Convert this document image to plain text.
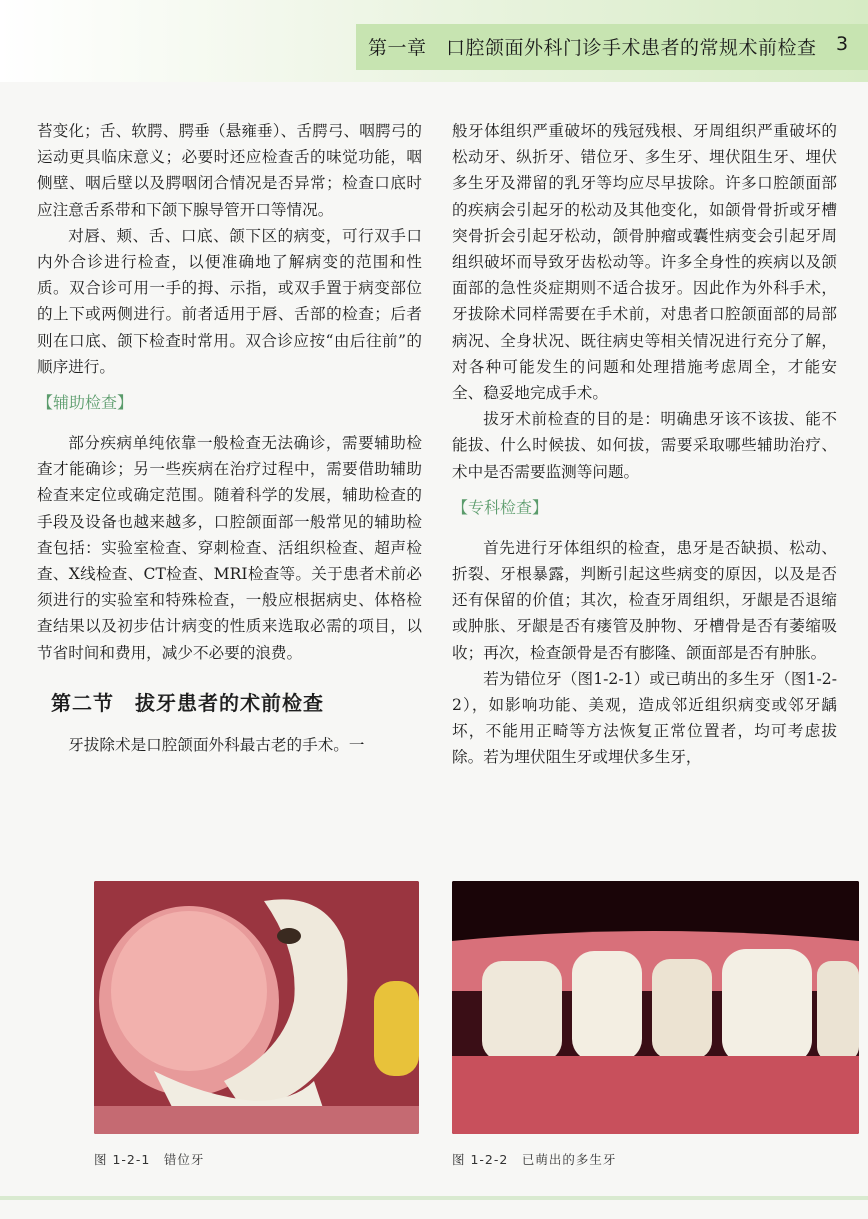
第一章　口腔颌面外科门诊手术患者的常规术前检查 3

苔变化；舌、软腭、腭垂（悬雍垂）、舌腭弓、咽腭弓的运动更具临床意义；必要时还应检查舌的味觉功能，咽侧壁、咽后壁以及腭咽闭合情况是否异常；检查口底时应注意舌系带和下颌下腺导管开口等情况。

对唇、颊、舌、口底、颌下区的病变，可行双手口内外合诊进行检查，以便准确地了解病变的范围和性质。双合诊可用一手的拇、示指，或双手置于病变部位的上下或两侧进行。前者适用于唇、舌部的检查；后者则在口底、颌下检查时常用。双合诊应按“由后往前”的顺序进行。

【辅助检查】

部分疾病单纯依靠一般检查无法确诊，需要辅助检查才能确诊；另一些疾病在治疗过程中，需要借助辅助检查来定位或确定范围。随着科学的发展，辅助检查的手段及设备也越来越多，口腔颌面部一般常见的辅助检查包括：实验室检查、穿刺检查、活组织检查、超声检查、X线检查、CT检查、MRI检查等。关于患者术前必须进行的实验室和特殊检查，一般应根据病史、体格检查结果以及初步估计病变的性质来选取必需的项目，以节省时间和费用，减少不必要的浪费。

第二节　拔牙患者的术前检查

牙拔除术是口腔颌面外科最古老的手术。一

般牙体组织严重破坏的残冠残根、牙周组织严重破坏的松动牙、纵折牙、错位牙、多生牙、埋伏阻生牙、埋伏多生牙及滞留的乳牙等均应尽早拔除。许多口腔颌面部的疾病会引起牙的松动及其他变化，如颌骨骨折或牙槽突骨折会引起牙松动，颌骨肿瘤或囊性病变会引起牙周组织破坏而导致牙齿松动等。许多全身性的疾病以及颌面部的急性炎症期则不适合拔牙。因此作为外科手术，牙拔除术同样需要在手术前，对患者口腔颌面部的局部病况、全身状况、既往病史等相关情况进行充分了解，对各种可能发生的问题和处理措施考虑周全，才能安全、稳妥地完成手术。

拔牙术前检查的目的是：明确患牙该不该拔、能不能拔、什么时候拔、如何拔，需要采取哪些辅助治疗、术中是否需要监测等问题。

【专科检查】

首先进行牙体组织的检查，患牙是否缺损、松动、折裂、牙根暴露，判断引起这些病变的原因，以及是否还有保留的价值；其次，检查牙周组织，牙龈是否退缩或肿胀、牙龈是否有瘘管及肿物、牙槽骨是否有萎缩吸收；再次，检查颌骨是否有膨隆、颌面部是否有肿胀。

若为错位牙（图1-2-1）或已萌出的多生牙（图1-2-2），如影响功能、美观，造成邻近组织病变或邻牙龋坏，不能用正畸等方法恢复正常位置者，均可考虑拔除。若为埋伏阻生牙或埋伏多生牙，

图 1-2-1　错位牙	图 1-2-2　已萌出的多生牙
